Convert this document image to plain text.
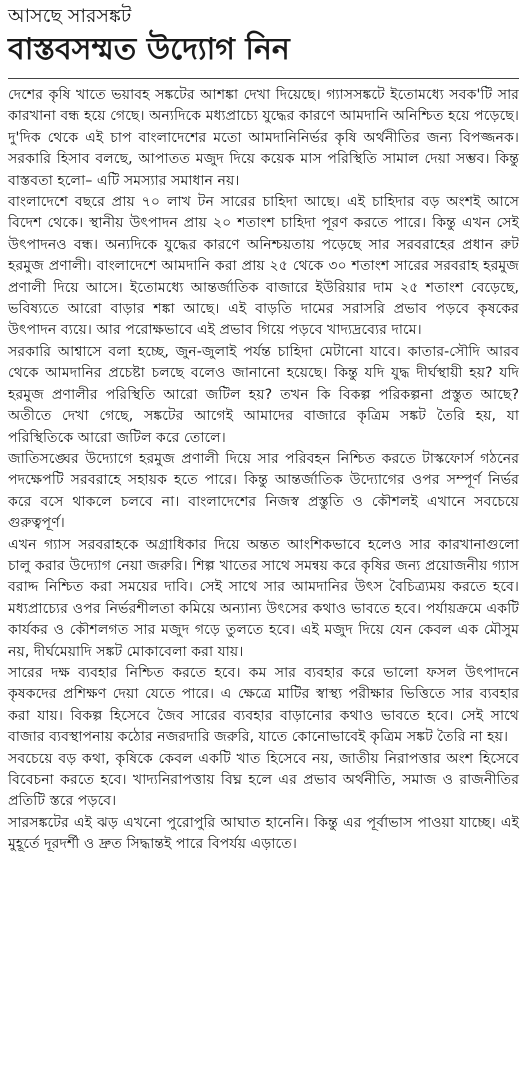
আসছে সারসঙ্কট
বাস্তবসম্মত উদ্যোগ নিন

দেশের কৃষি খাতে ভয়াবহ সঙ্কটের আশঙ্কা দেখা দিয়েছে। গ্যাসসঙ্কটে ইতোমধ্যে সবক'টি সার কারখানা বন্ধ হয়ে গেছে। অন্যদিকে মধ্যপ্রাচ্যে যুদ্ধের কারণে আমদানি অনিশ্চিত হয়ে পড়েছে। দু'দিক থেকে এই চাপ বাংলাদেশের মতো আমদানিনির্ভর কৃষি অর্থনীতির জন্য বিপজ্জনক। সরকারি হিসাব বলছে, আপাতত মজুদ দিয়ে কয়েক মাস পরিস্থিতি সামাল দেয়া সম্ভব। কিন্তু বাস্তবতা হলো– এটি সমস্যার সমাধান নয়।

বাংলাদেশে বছরে প্রায় ৭০ লাখ টন সারের চাহিদা আছে। এই চাহিদার বড় অংশই আসে বিদেশ থেকে। স্থানীয় উৎপাদন প্রায় ২০ শতাংশ চাহিদা পূরণ করতে পারে। কিন্তু এখন সেই উৎপাদনও বন্ধ। অন্যদিকে যুদ্ধের কারণে অনিশ্চয়তায় পড়েছে সার সরবরাহের প্রধান রুট হরমুজ প্রণালী। বাংলাদেশে আমদানি করা প্রায় ২৫ থেকে ৩০ শতাংশ সারের সরবরাহ হরমুজ প্রণালী দিয়ে আসে। ইতোমধ্যে আন্তর্জাতিক বাজারে ইউরিয়ার দাম ২৫ শতাংশ বেড়েছে, ভবিষ্যতে আরো বাড়ার শঙ্কা আছে। এই বাড়তি দামের সরাসরি প্রভাব পড়বে কৃষকের উৎপাদন ব্যয়ে। আর পরোক্ষভাবে এই প্রভাব গিয়ে পড়বে খাদ্যদ্রব্যের দামে।

সরকারি আশ্বাসে বলা হচ্ছে, জুন-জুলাই পর্যন্ত চাহিদা মেটানো যাবে। কাতার-সৌদি আরব থেকে আমদানির প্রচেষ্টা চলছে বলেও জানানো হয়েছে। কিন্তু যদি যুদ্ধ দীর্ঘস্থায়ী হয়? যদি হরমুজ প্রণালীর পরিস্থিতি আরো জটিল হয়? তখন কি বিকল্প পরিকল্পনা প্রস্তুত আছে? অতীতে দেখা গেছে, সঙ্কটের আগেই আমাদের বাজারে কৃত্রিম সঙ্কট তৈরি হয়, যা পরিস্থিতিকে আরো জটিল করে তোলে।

জাতিসঙ্ঘের উদ্যোগে হরমুজ প্রণালী দিয়ে সার পরিবহন নিশ্চিত করতে টাস্কফোর্স গঠনের পদক্ষেপটি সরবরাহে সহায়ক হতে পারে। কিন্তু আন্তর্জাতিক উদ্যোগের ওপর সম্পূর্ণ নির্ভর করে বসে থাকলে চলবে না। বাংলাদেশের নিজস্ব প্রস্তুতি ও কৌশলই এখানে সবচেয়ে গুরুত্বপূর্ণ।

এখন গ্যাস সরবরাহকে অগ্রাধিকার দিয়ে অন্তত আংশিকভাবে হলেও সার কারখানাগুলো চালু করার উদ্যোগ নেয়া জরুরি। শিল্প খাতের সাথে সমন্বয় করে কৃষির জন্য প্রয়োজনীয় গ্যাস বরাদ্দ নিশ্চিত করা সময়ের দাবি। সেই সাথে সার আমদানির উৎস বৈচিত্র্যময় করতে হবে। মধ্যপ্রাচ্যের ওপর নির্ভরশীলতা কমিয়ে অন্যান্য উৎসের কথাও ভাবতে হবে। পর্যায়ক্রমে একটি কার্যকর ও কৌশলগত সার মজুদ গড়ে তুলতে হবে। এই মজুদ দিয়ে যেন কেবল এক মৌসুম নয়, দীর্ঘমেয়াদি সঙ্কট মোকাবেলা করা যায়।

সারের দক্ষ ব্যবহার নিশ্চিত করতে হবে। কম সার ব্যবহার করে ভালো ফসল উৎপাদনে কৃষকদের প্রশিক্ষণ দেয়া যেতে পারে। এ ক্ষেত্রে মাটির স্বাস্থ্য পরীক্ষার ভিত্তিতে সার ব্যবহার করা যায়। বিকল্প হিসেবে জৈব সারের ব্যবহার বাড়ানোর কথাও ভাবতে হবে। সেই সাথে বাজার ব্যবস্থাপনায় কঠোর নজরদারি জরুরি, যাতে কোনোভাবেই কৃত্রিম সঙ্কট তৈরি না হয়।

সবচেয়ে বড় কথা, কৃষিকে কেবল একটি খাত হিসেবে নয়, জাতীয় নিরাপত্তার অংশ হিসেবে বিবেচনা করতে হবে। খাদ্যনিরাপত্তায় বিঘ্ন হলে এর প্রভাব অর্থনীতি, সমাজ ও রাজনীতির প্রতিটি স্তরে পড়বে।

সারসঙ্কটের এই ঝড় এখনো পুরোপুরি আঘাত হানেনি। কিন্তু এর পূর্বাভাস পাওয়া যাচ্ছে। এই মুহূর্তে দূরদর্শী ও দ্রুত সিদ্ধান্তই পারে বিপর্যয় এড়াতে।
